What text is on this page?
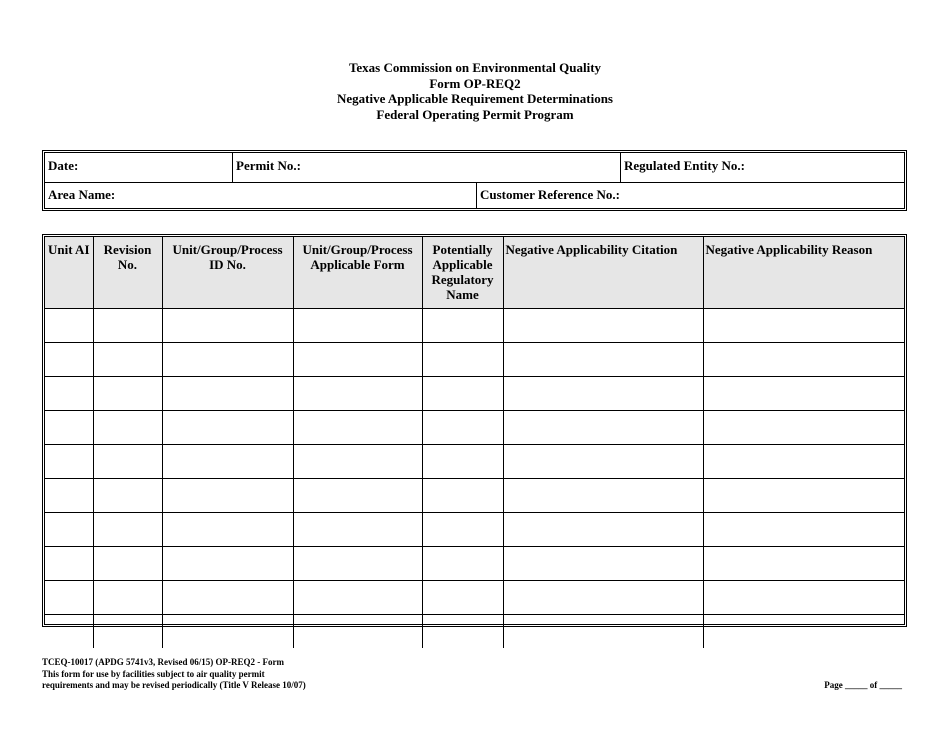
Texas Commission on Environmental Quality
Form OP-REQ2
Negative Applicable Requirement Determinations
Federal Operating Permit Program
Date:	Permit No.:	Regulated Entity No.:
Area Name:	Customer Reference No.:
Unit AI	Revision No.	Unit/Group/Process ID No.	Unit/Group/Process Applicable Form	Potentially Applicable Regulatory Name	Negative Applicability Citation	Negative Applicability Reason

TCEQ-10017 (APDG 5741v3, Revised 06/15) OP-REQ2 - Form
This form for use by facilities subject to air quality permit
requirements and may be revised periodically (Title V Release 10/07)	Page _____ of _____
